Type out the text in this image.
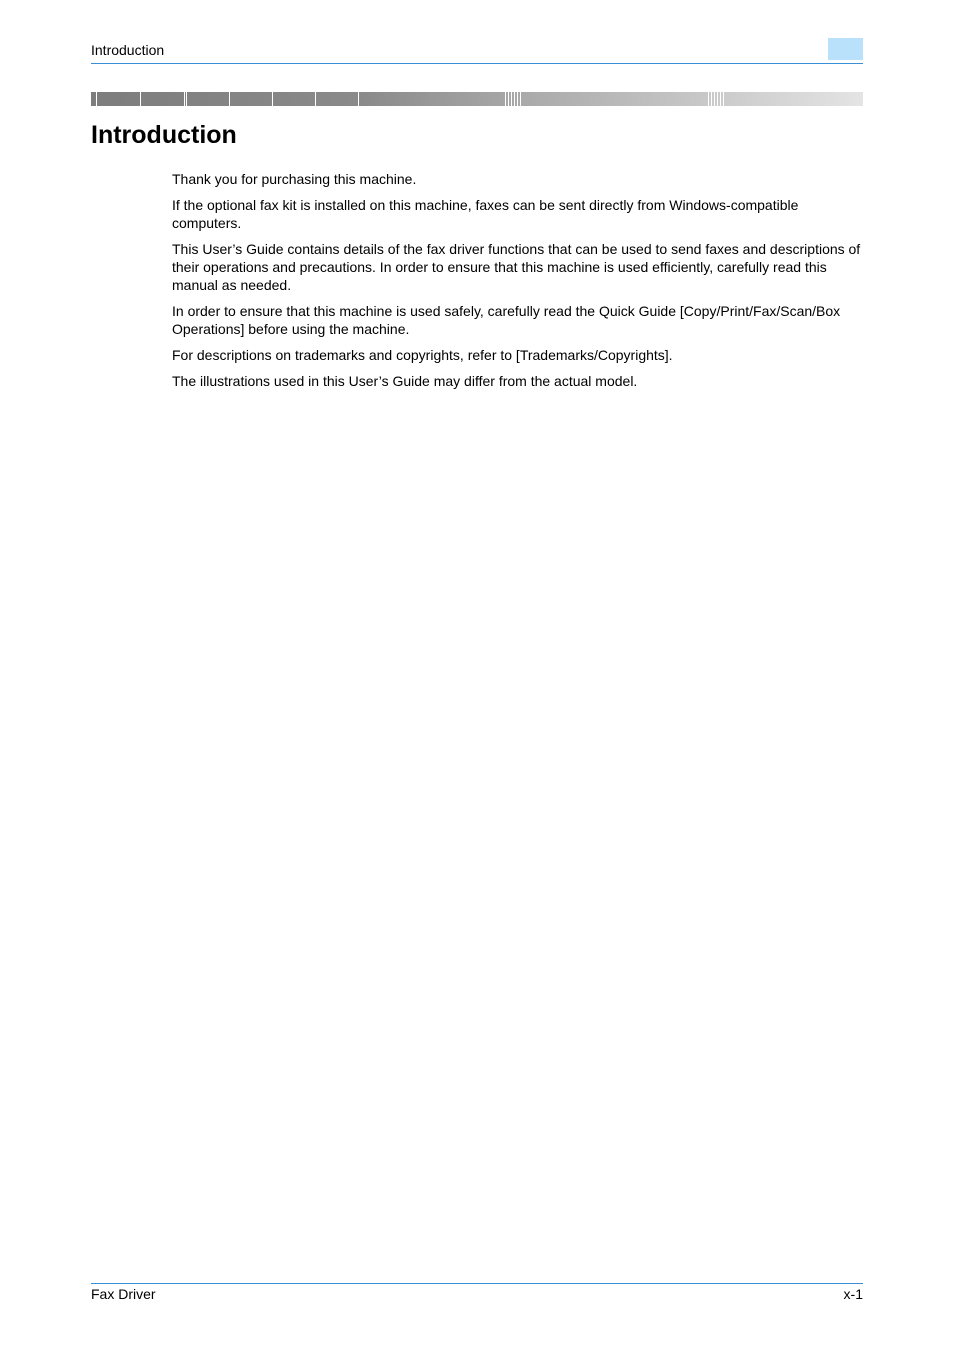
Introduction
Introduction

Thank you for purchasing this machine.

If the optional fax kit is installed on this machine, faxes can be sent directly from Windows-compatible computers.

This User’s Guide contains details of the fax driver functions that can be used to send faxes and descriptions of their operations and precautions. In order to ensure that this machine is used efficiently, carefully read this manual as needed.

In order to ensure that this machine is used safely, carefully read the Quick Guide [Copy/Print/Fax/Scan/Box Operations] before using the machine.

For descriptions on trademarks and copyrights, refer to [Trademarks/Copyrights].

The illustrations used in this User’s Guide may differ from the actual model.

Fax Driver	x-1
